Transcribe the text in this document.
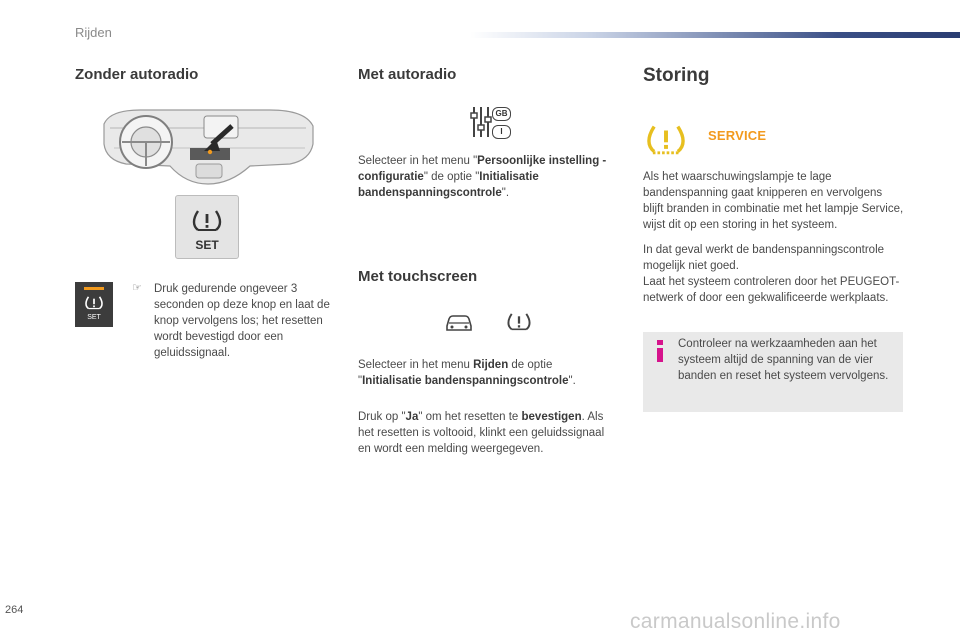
Rijden
Zonder autoradio
SET
SET
☞ Druk gedurende ongeveer 3 seconden op deze knop en laat de knop vervolgens los; het resetten wordt bevestigd door een geluidssignaal.
Met autoradio
GB
I
Selecteer in het menu "Persoonlijke instelling - configuratie" de optie "Initialisatie bandenspanningscontrole".
Met touchscreen
Selecteer in het menu Rijden de optie "Initialisatie bandenspanningscontrole".
Druk op "Ja" om het resetten te bevestigen. Als het resetten is voltooid, klinkt een geluidssignaal en wordt een melding weergegeven.
Storing
SERVICE
Als het waarschuwingslampje te lage bandenspanning gaat knipperen en vervolgens blijft branden in combinatie met het lampje Service, wijst dit op een storing in het systeem.
In dat geval werkt de bandenspanningscontrole mogelijk niet goed.
Laat het systeem controleren door het PEUGEOT-netwerk of door een gekwalificeerde werkplaats.
Controleer na werkzaamheden aan het systeem altijd de spanning van de vier banden en reset het systeem vervolgens.
264	carmanualsonline.info
